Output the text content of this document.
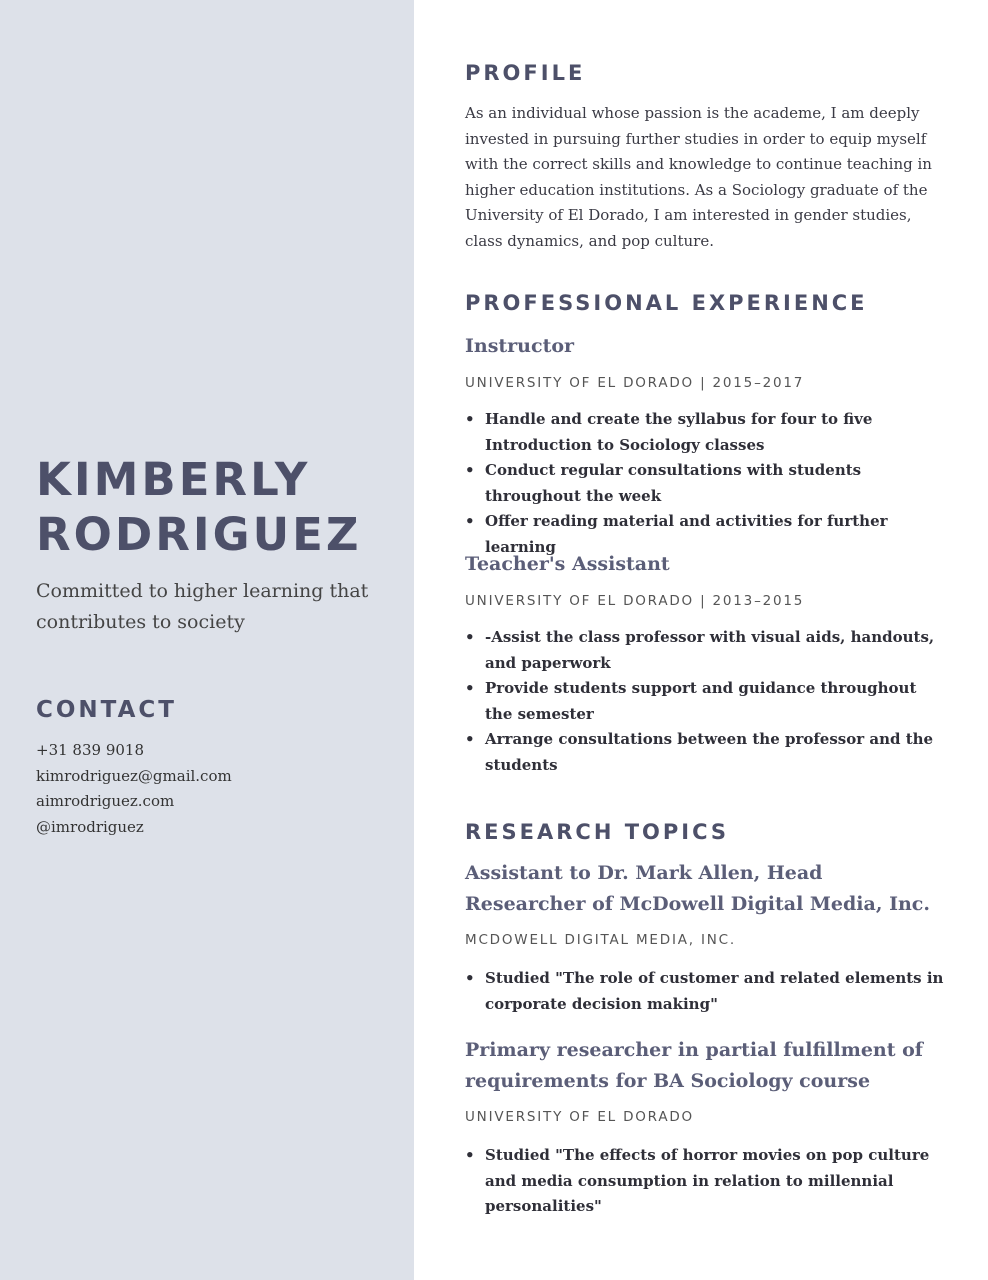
KIMBERLY
RODRIGUEZ
Committed to higher learning that contributes to society
CONTACT
+31 839 9018
kimrodriguez@gmail.com
aimrodriguez.com
@imrodriguez
PROFILE
As an individual whose passion is the academe, I am deeply invested in pursuing further studies in order to equip myself with the correct skills and knowledge to continue teaching in higher education institutions. As a Sociology graduate of the University of El Dorado, I am interested in gender studies, class dynamics, and pop culture.
PROFESSIONAL EXPERIENCE
Instructor
UNIVERSITY OF EL DORADO | 2015–2017
• Handle and create the syllabus for four to five Introduction to Sociology classes
• Conduct regular consultations with students throughout the week
• Offer reading material and activities for further learning
Teacher's Assistant
UNIVERSITY OF EL DORADO | 2013–2015
• -Assist the class professor with visual aids, handouts, and paperwork
• Provide students support and guidance throughout the semester
• Arrange consultations between the professor and the students
RESEARCH TOPICS
Assistant to Dr. Mark Allen, Head Researcher of McDowell Digital Media, Inc.
MCDOWELL DIGITAL MEDIA, INC.
• Studied "The role of customer and related elements in corporate decision making"
Primary researcher in partial fulfillment of requirements for BA Sociology course
UNIVERSITY OF EL DORADO
• Studied "The effects of horror movies on pop culture and media consumption in relation to millennial personalities"
